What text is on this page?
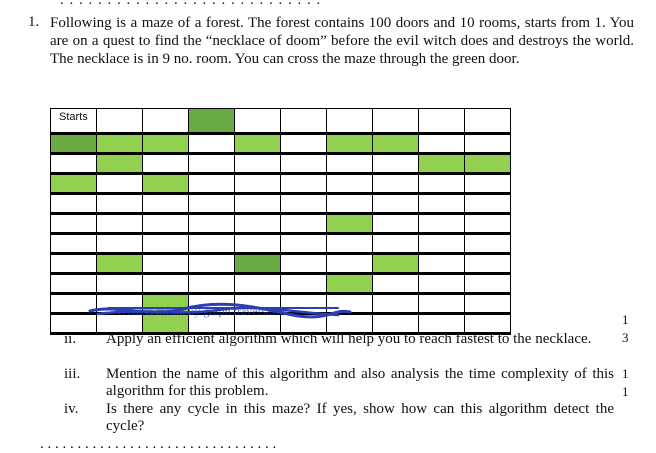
. . . . . . . . . . . . . . . . . . . . . . . . . . . .
1. Following is a maze of a forest. The forest contains 100 doors and 10 rooms, starts from 1. You are on a quest to find the “necklace of doom” before the evil witch does and destroys the world. The necklace is in 9 no. room. You can cross the maze through the green door.
Starts									

What is meant by graph traversal?
ii. Apply an efficient algorithm which will help you to reach fastest to the necklace.
iii. Mention the name of this algorithm and also analysis the time complexity of this algorithm for this problem.
iv. Is there any cycle in this maze? If yes, show how can this algorithm detect the cycle?
1
3
1
1
. . . . . . . . . . . . . . . . . . . . . . . . . . . . . . . .
